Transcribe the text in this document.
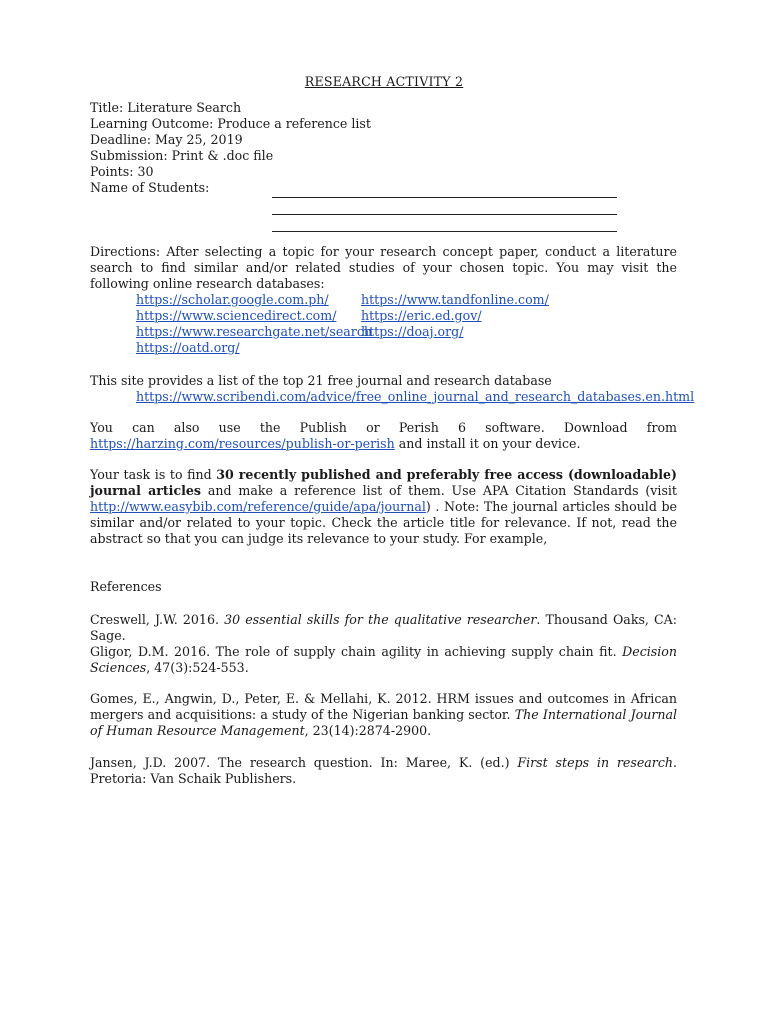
RESEARCH ACTIVITY 2
Title: Literature Search
Learning Outcome: Produce a reference list
Deadline: May 25, 2019
Submission: Print & .doc file
Points: 30
Name of Students:
Directions: After selecting a topic for your research concept paper, conduct a literature search to find similar and/or related studies of your chosen topic. You may visit the following online research databases:
https://scholar.google.com.ph/
https://www.sciencedirect.com/
https://www.researchgate.net/search
https://oatd.org/
https://www.tandfonline.com/
https://eric.ed.gov/
https://doaj.org/
This site provides a list of the top 21 free journal and research database
https://www.scribendi.com/advice/free_online_journal_and_research_databases.en.html
You can also use the Publish or Perish 6 software. Download from
https://harzing.com/resources/publish-or-perish and install it on your device.
Your task is to find 30 recently published and preferably free access (downloadable) journal articles and make a reference list of them. Use APA Citation Standards (visit http://www.easybib.com/reference/guide/apa/journal) . Note: The journal articles should be similar and/or related to your topic. Check the article title for relevance. If not, read the abstract so that you can judge its relevance to your study. For example,
References
Creswell, J.W. 2016. 30 essential skills for the qualitative researcher. Thousand Oaks, CA: Sage.
Gligor, D.M. 2016. The role of supply chain agility in achieving supply chain fit. Decision Sciences, 47(3):524-553.
Gomes, E., Angwin, D., Peter, E. & Mellahi, K. 2012. HRM issues and outcomes in African mergers and acquisitions: a study of the Nigerian banking sector. The International Journal of Human Resource Management, 23(14):2874-2900.
Jansen, J.D. 2007. The research question. In: Maree, K. (ed.) First steps in research. Pretoria: Van Schaik Publishers.
